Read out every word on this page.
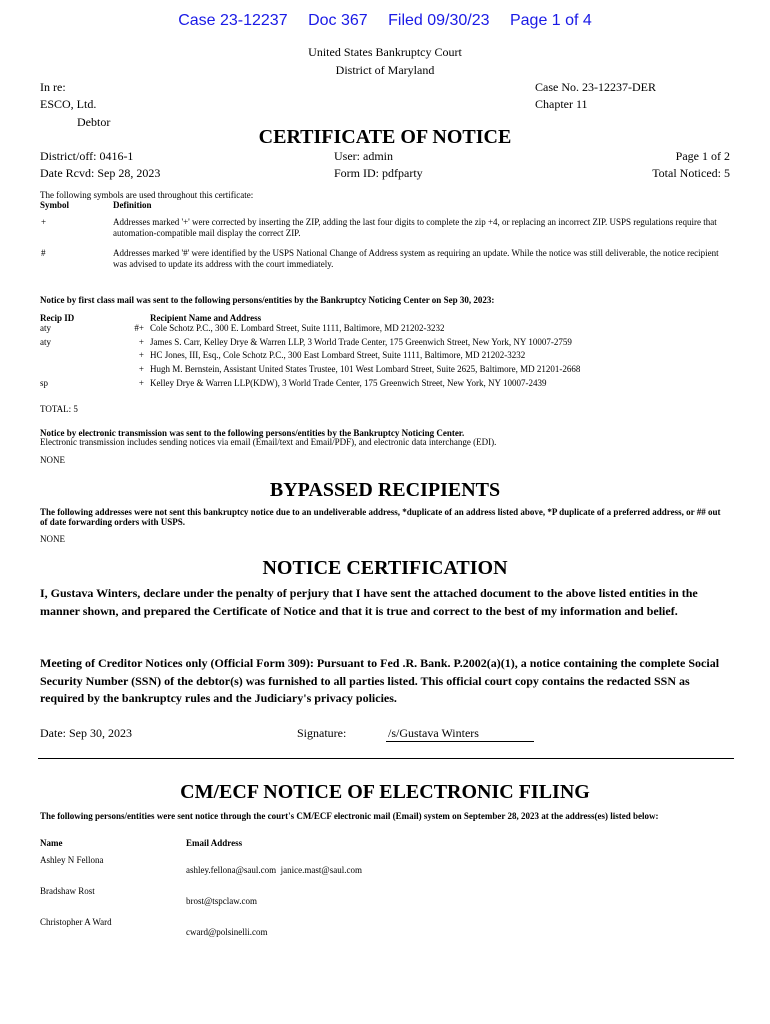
Case 23-12237 Doc 367 Filed 09/30/23 Page 1 of 4
United States Bankruptcy Court
District of Maryland
In re:
ESCO, Ltd.
Debtor
Case No. 23-12237-DER
Chapter 11
CERTIFICATE OF NOTICE
District/off: 0416-1
Date Rcvd: Sep 28, 2023
User: admin
Form ID: pdfparty
Page 1 of 2
Total Noticed: 5
The following symbols are used throughout this certificate:
Symbol	Definition
+	Addresses marked '+' were corrected by inserting the ZIP, adding the last four digits to complete the zip +4, or replacing an incorrect ZIP. USPS regulations require that automation-compatible mail display the correct ZIP.
#	Addresses marked '#' were identified by the USPS National Change of Address system as requiring an update. While the notice was still deliverable, the notice recipient was advised to update its address with the court immediately.
Notice by first class mail was sent to the following persons/entities by the Bankruptcy Noticing Center on Sep 30, 2023:
Recip ID	Recipient Name and Address
aty	#+ Cole Schotz P.C., 300 E. Lombard Street, Suite 1111, Baltimore, MD 21202-3232
aty	+ James S. Carr, Kelley Drye & Warren LLP, 3 World Trade Center, 175 Greenwich Street, New York, NY 10007-2759
+ HC Jones, III, Esq., Cole Schotz P.C., 300 East Lombard Street, Suite 1111, Baltimore, MD 21202-3232
+ Hugh M. Bernstein, Assistant United States Trustee, 101 West Lombard Street, Suite 2625, Baltimore, MD 21201-2668
sp	+ Kelley Drye & Warren LLP(KDW), 3 World Trade Center, 175 Greenwich Street, New York, NY 10007-2439
TOTAL: 5
Notice by electronic transmission was sent to the following persons/entities by the Bankruptcy Noticing Center.
Electronic transmission includes sending notices via email (Email/text and Email/PDF), and electronic data interchange (EDI).
NONE
BYPASSED RECIPIENTS
The following addresses were not sent this bankruptcy notice due to an undeliverable address, *duplicate of an address listed above, *P duplicate of a preferred address, or ## out of date forwarding orders with USPS.
NONE
NOTICE CERTIFICATION
I, Gustava Winters, declare under the penalty of perjury that I have sent the attached document to the above listed entities in the manner shown, and prepared the Certificate of Notice and that it is true and correct to the best of my information and belief.
Meeting of Creditor Notices only (Official Form 309): Pursuant to Fed .R. Bank. P.2002(a)(1), a notice containing the complete Social Security Number (SSN) of the debtor(s) was furnished to all parties listed. This official court copy contains the redacted SSN as required by the bankruptcy rules and the Judiciary's privacy policies.
Date: Sep 30, 2023	Signature:	/s/Gustava Winters
CM/ECF NOTICE OF ELECTRONIC FILING
The following persons/entities were sent notice through the court's CM/ECF electronic mail (Email) system on September 28, 2023 at the address(es) listed below:
Name	Email Address
Ashley N Fellona
ashley.fellona@saul.com  janice.mast@saul.com
Bradshaw Rost
brost@tspclaw.com
Christopher A Ward
cward@polsinelli.com
